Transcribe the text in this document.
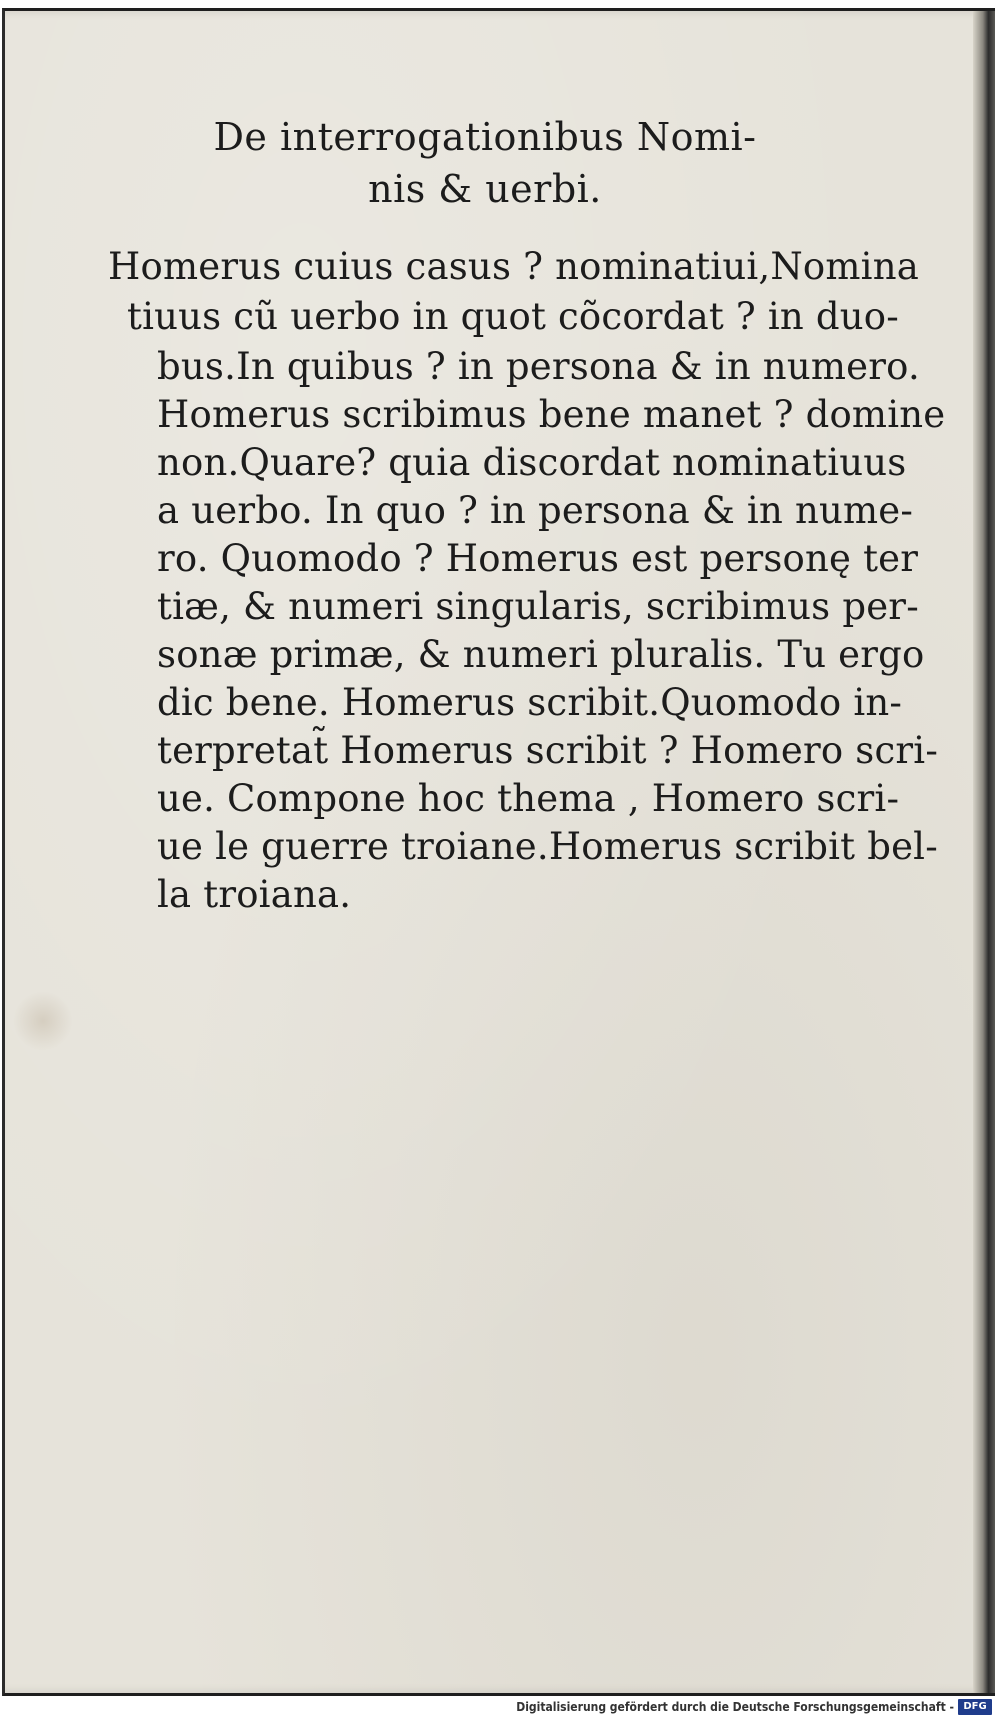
De interrogationibus Nomi-
nis & uerbi.
Homerus cuius casus ? nominatiui,Nomina
tiuus cũ uerbo in quot cõcordat ? in duo-
bus.In quibus ? in persona & in numero.
Homerus scribimus bene manet ? domine
non.Quare? quia discordat nominatiuus
a uerbo. In quo ? in persona & in nume-
ro. Quomodo ? Homerus est personę ter
tiæ, & numeri singularis, scribimus per-
sonæ primæ, & numeri pluralis. Tu ergo
dic bene. Homerus scribit.Quomodo in-
terpretat̃ Homerus scribit ? Homero scri-
ue. Compone hoc thema , Homero scri-
ue le guerre troiane.Homerus scribit bel-
la troiana.
Digitalisierung gefördert durch die Deutsche Forschungsgemeinschaft - DFG
